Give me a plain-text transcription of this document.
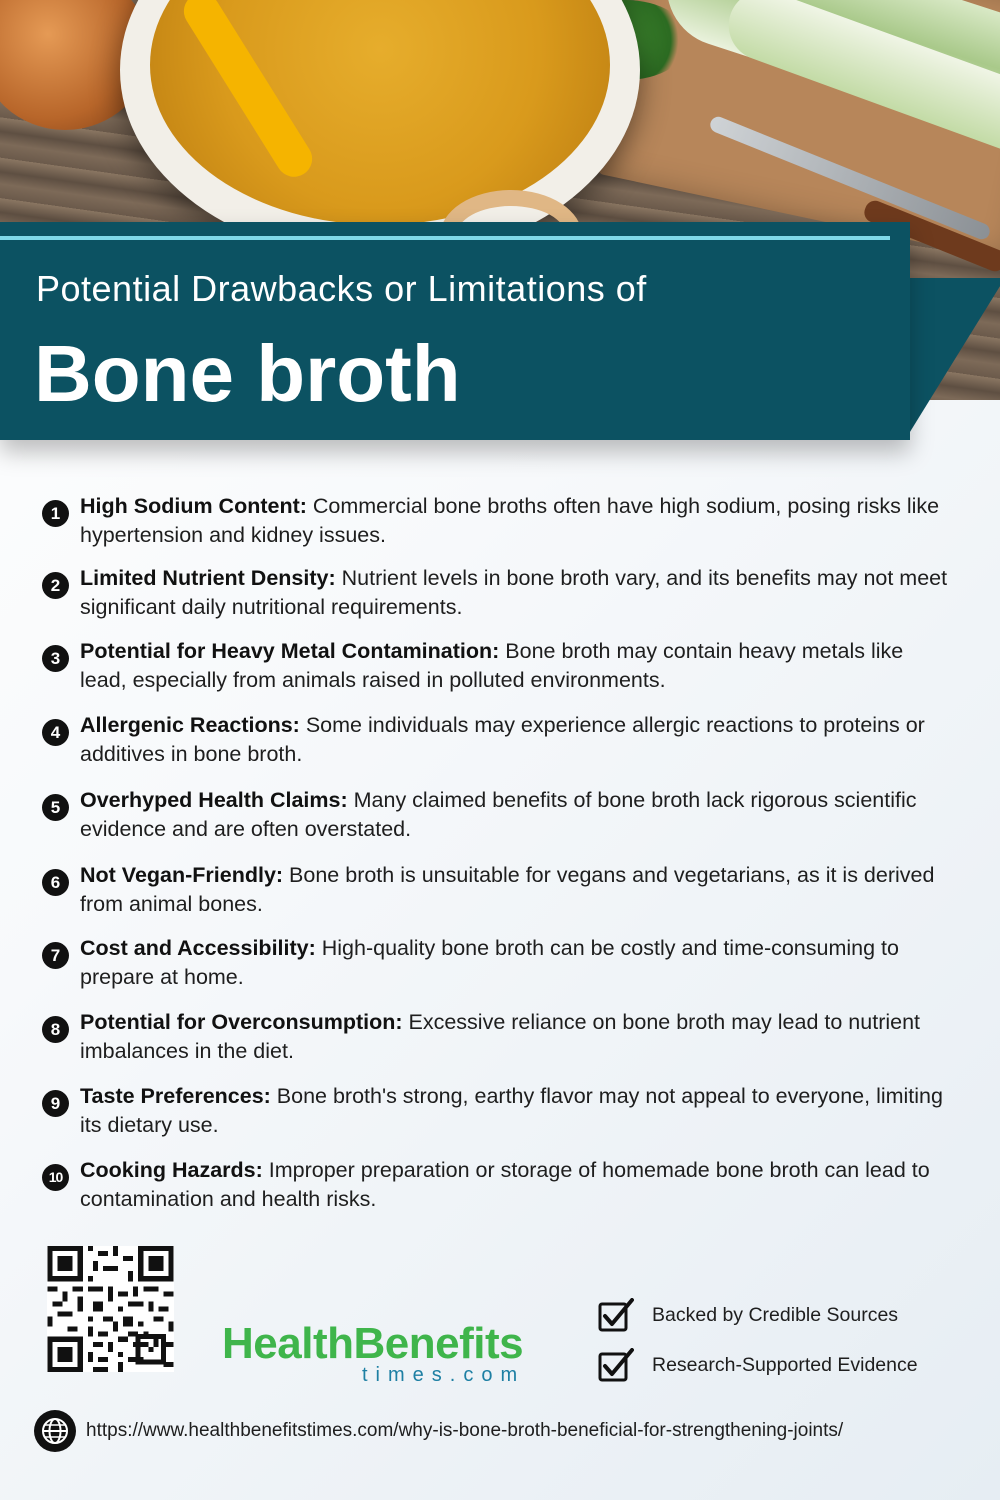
Potential Drawbacks or Limitations of
Bone broth
1 High Sodium Content: Commercial bone broths often have high sodium, posing risks like hypertension and kidney issues.
2 Limited Nutrient Density: Nutrient levels in bone broth vary, and its benefits may not meet significant daily nutritional requirements.
3 Potential for Heavy Metal Contamination: Bone broth may contain heavy metals like lead, especially from animals raised in polluted environments.
4 Allergenic Reactions: Some individuals may experience allergic reactions to proteins or additives in bone broth.
5 Overhyped Health Claims: Many claimed benefits of bone broth lack rigorous scientific evidence and are often overstated.
6 Not Vegan-Friendly: Bone broth is unsuitable for vegans and vegetarians, as it is derived from animal bones.
7 Cost and Accessibility: High-quality bone broth can be costly and time-consuming to prepare at home.
8 Potential for Overconsumption: Excessive reliance on bone broth may lead to nutrient imbalances in the diet.
9 Taste Preferences: Bone broth's strong, earthy flavor may not appeal to everyone, limiting its dietary use.
10 Cooking Hazards: Improper preparation or storage of homemade bone broth can lead to contamination and health risks.
HealthBenefits
times.com
Backed by Credible Sources
Research-Supported Evidence
https://www.healthbenefitstimes.com/why-is-bone-broth-beneficial-for-strengthening-joints/
